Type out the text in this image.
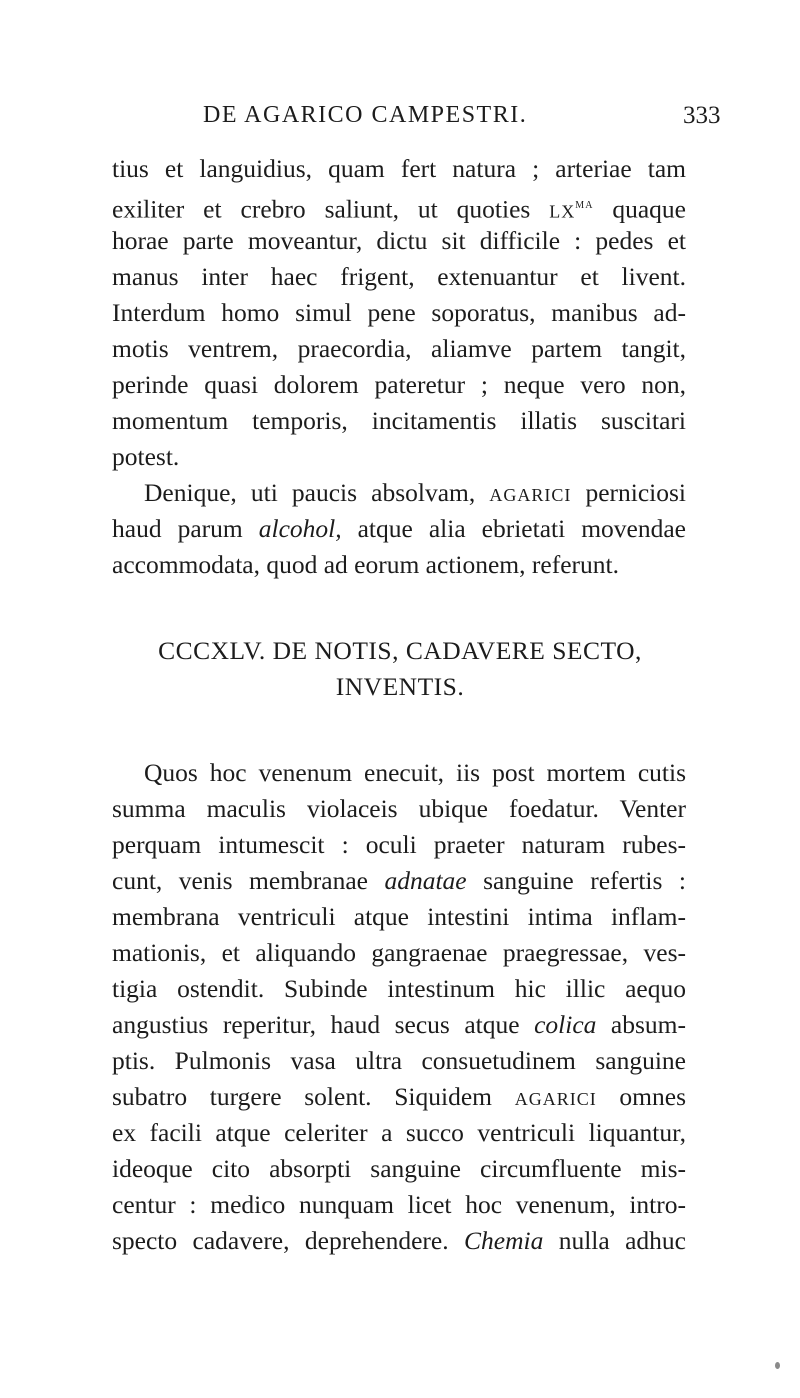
DE AGARICO CAMPESTRI.	333
tius et languidius, quam fert natura ; arteriae tam
exiliter et crebro saliunt, ut quoties $lx^{ma}$ quaque
horae parte moveantur, dictu sit difficile : pedes et
manus inter haec frigent, extenuantur et livent.
Interdum homo simul pene soporatus, manibus ad-
motis ventrem, praecordia, aliamve partem tangit,
perinde quasi dolorem pateretur ; neque vero non,
momentum temporis, incitamentis illatis suscitari
potest.
Denique, uti paucis absolvam, agarici perniciosi
haud parum alcohol, atque alia ebrietati movendae
accommodata, quod ad eorum actionem, referunt.
CCCXLV. DE NOTIS, CADAVERE SECTO,
INVENTIS.
Quos hoc venenum enecuit, iis post mortem cutis
summa maculis violaceis ubique foedatur. Venter
perquam intumescit : oculi praeter naturam rubes-
cunt, venis membranae adnatae sanguine refertis :
membrana ventriculi atque intestini intima inflam-
mationis, et aliquando gangraenae praegressae, ves-
tigia ostendit. Subinde intestinum hic illic aequo
angustius reperitur, haud secus atque colica absum-
ptis. Pulmonis vasa ultra consuetudinem sanguine
subatro turgere solent. Siquidem agarici omnes
ex facili atque celeriter a succo ventriculi liquantur,
ideoque cito absorpti sanguine circumfluente mis-
centur : medico nunquam licet hoc venenum, intro-
specto cadavere, deprehendere. Chemia nulla adhuc
